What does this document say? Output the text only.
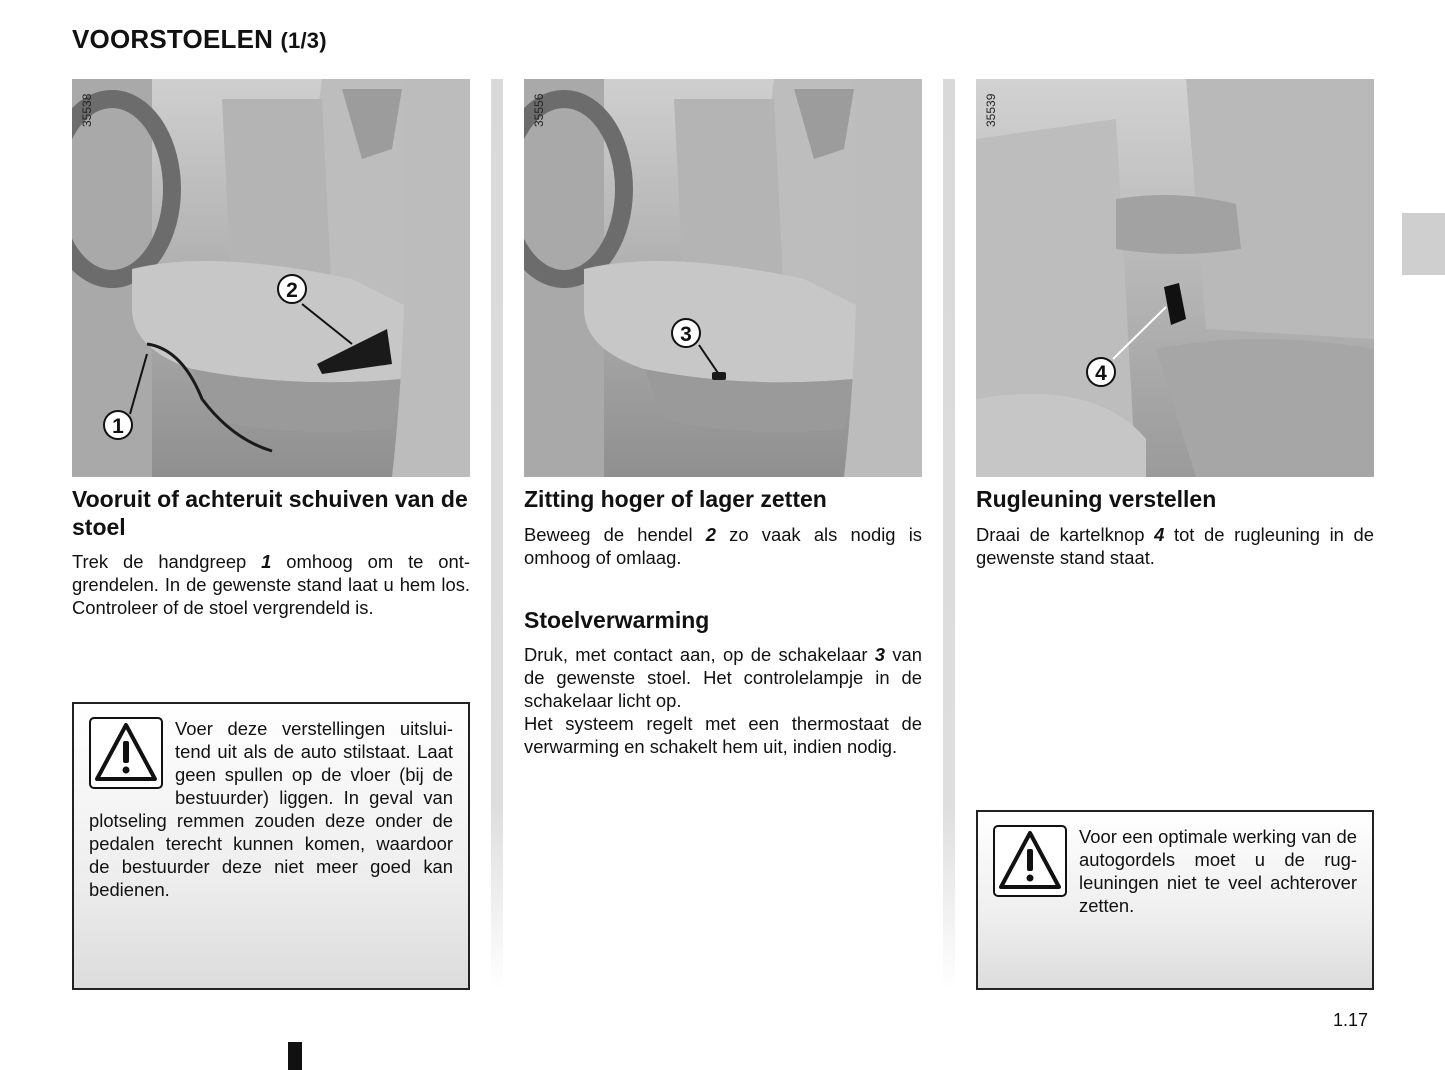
VOORSTOELEN (1/3)
2
1
35538
3
35556
4
35539
Vooruit of achteruit schuiven van de stoel
Trek de handgreep 1 omhoog om te ontgrendelen. In de gewenste stand laat u hem los. Controleer of de stoel vergrendeld is.
Voer deze verstellingen uitsluitend uit als de auto stilstaat. Laat geen spullen op de vloer (bij de bestuurder) liggen. In geval van plotseling remmen zouden deze onder de pedalen terecht kunnen komen, waardoor de bestuurder deze niet meer goed kan bedienen.
Zitting hoger of lager zetten
Beweeg de hendel 2 zo vaak als nodig is omhoog of omlaag.
Stoelverwarming

Druk, met contact aan, op de schakelaar 3 van de gewenste stoel. Het controlelampje in de schakelaar licht op.

Het systeem regelt met een thermostaat de verwarming en schakelt hem uit, indien nodig.

Rugleuning verstellen
Draai de kartelknop 4 tot de rugleuning in de gewenste stand staat.
Voor een optimale werking van de autogordels moet u de rugleuningen niet te veel achterover zetten.
1.17
